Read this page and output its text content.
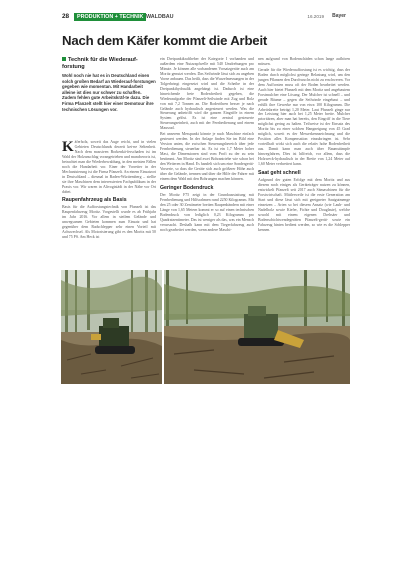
28	PRODUKTION + TECHNIK WALDBAU	16.2019 Bayer
Nach dem Käfer kommt die Arbeit
Technik für die Wiederauf-forstung
Wohl noch nie hat es in Deutschland einen solch großen Bedarf an Wiederauf-forstungen gegeben wie momentan. Mit Handarbeit alleine ist dies nur schwer zu schaffen. Zudem fehlen gute Arbeitskräf-te dazu. Die Firma Pfanzelt stellt hier einer Demotour ihre technischen Lösungen vor.

Käferholz, soweit das Auge reicht, und in vielen Gebieten Deutschlands derzeit kei-ne Seltenheit. Nach dem massiven Borkenkä-ferschaden ist im Wald der Holzanschlag vorangetrieben und mancherorts ist, betrachtet man die Wiederbewaldung, in den meisten Fällen noch die Handarbeit vor. Einer der Vorreiter in der Mechanisierung ist die Firma Pfanzelt. An einem Einsatzort in Deutschland – diesmal in Baden-Württemberg – stellte sie ihre Maschinen dem interessierten Fachpublikum in der Praxis vor. Wir waren in Altvogtstädt in der Nähe vor Ort dabei.

Raupenfahrzeug als Basis

Basis für die Aufforstungstechnik von Pfanzelt ist das Raupenfahrzeug Moritz. Vorgestellt wurde es ab Frühjahr im Jahr 2016. Vor allem in steilem Gelände und unwegsamen Gebieten kommen zum Einsatz und hat gegenüber dem Radschlepper sehr einen Vorteil mit Achswechsel. Als Motorisierung gibt es den Moritz mit 50 und 75 PS. Am Heck ist

ein Dreipunktkraftheber der Kategorie I vorhanden und außerdem eine Nutzzapfwelle mit 540 Umdrehungen pro Minute. Je können alle vorhandenen Vorsatzgeräte auch am Moritz genutzt werden. Das Seilwinde lässt sich zu angeben Vorne anbauen. Das heißt, dass die Wurzelmessungen in der Tolgerbringt eingesetzt wird und die Scheibe in der Dreipunkthydraulik angehängt ist. Dadurch ist eine hinreichende freie Bodenfreiheit gegeben, die Wiederaufgrabe der Pfanzelt-Seilwinde mit Zug und Bolz von mit 7,2 Tonnen an. Die Roderöhren besser je nach Gelände auch hydraulisch angesteuert werden. Was die Steuerung anbetrifft wird die ganzen Eingriffe in einem System gelöst. Es ist eine zentral gesteuerte Steuerungseinheit, auch mit der Fernbedienung und einem Mausrad.

Bei unserem Messpunkt könnte je nach Maschine einfach gesteuert werden. In der Anlage finden Sie im Bild eine Version unten, die zwischen Steuerungsbereich über jede Fernbedienung steuerbar ist. Es ist ein 1,7 Meter hoher Mast, die Dimensionen sind vom Profi zu der zu sein bestimmt. Am Moritz sind zwei Bohrantriebe wie schon bei den Weiteren in Hand. Es handelt sich um eine Sondergerät-Vorserie, so dass die Geräte sich auch größerer Höhe auch über die Gelände, trennen und über die Hilfe der Fahrer mit einem dem Wald mit den Bohrungen machen können.

Geringer Bodendruck

Der Moritz F75 zeigt in der Grundausstattung mit Fernbedienung und Hilfsrahmen rund 2250 Kilogramm. Mit den 25 oder 30 Zentimeter breiten Raupenbändern mit einer Länge von 1,65 Metern kommt er so auf einen technischen Bodendruck von lediglich 0,23 Kilogramm pro Quadratzentimeter. Das ist weniger als das, was ein Mensch verursacht. Deshalb kann mit dem Tiegerfahrzeug auch noch gearbeitet werden, wenn andere Maschi-

nen aufgrund von Bodenschäden schon lange aufhören müssen.

Gerade für die Wiederaufforstung ist es wichtig, dass der Boden durch möglichst geringe Belastung wird, um den jungen Pflanzen den Durchwuchs nicht zu erschweren. Vor dem Aufforsten muss oft der Boden bearbeitet werden. Auch hier bietet Pfanzelt mit dem Moritz und angebautem Forstmulcher eine Lösung. Der Mulcher ist schnell – und gerade Bäume – gegen die Seilwinde eingebaut – und erfüllt ihre Gewerke nur von etwa 100 Kilogramm. Die Arbeitsbreite beträgt 1,20 Meter. Laut Pfanzelt ginge nur der Leistung hier auch bei 1,25 Meter breite. Mulcher prioritären, aber man hat bereits, den Eingriff in die Tiere möglichst gering zu halten. Teilweise ist der Einsatz des Moritz bis zu einer solchen Hangneigung von 45 Grad möglich, soweit es der Messerkennzeichnung und die Position alles Kompensation einzubringen ist. Sehr vorteilhaft wirkt sich auch die relativ hohe Bodenfreiheit aus. Damit kann man auch über Baumstümpfe hinwegfahren, Dies ist hilfreich, vor allem, dass die Holzweck-hydraulisch in der Breite von 1,24 Meter auf 1,60 Meter verbreitert kann.

Saat geht schnell

Aufgrund der guten Erfolge mit dem Moritz und aus diesem noch einiges als Geräteträger nutzen zu können, entwickelt Pfanzelt seit 2017 auch Sämaschinen für die Forstwirtschaft. Mittlerweile ist die erste Generation am Start und diese lässt sich mit geeigneter Saatgutmenge einsetzen – Arten so bei diesem Ansatz (wie Laub- und Nadelholz sowie Kiefer, Fichte und Douglasie), welche sowohl mit einem eigenen Drehsäer und Bodenschichtwendegeräten Pfanzelt-gerät- sowie ein Fahrzeug hinten bedient werden, so wie es die Schlepper kennen.
